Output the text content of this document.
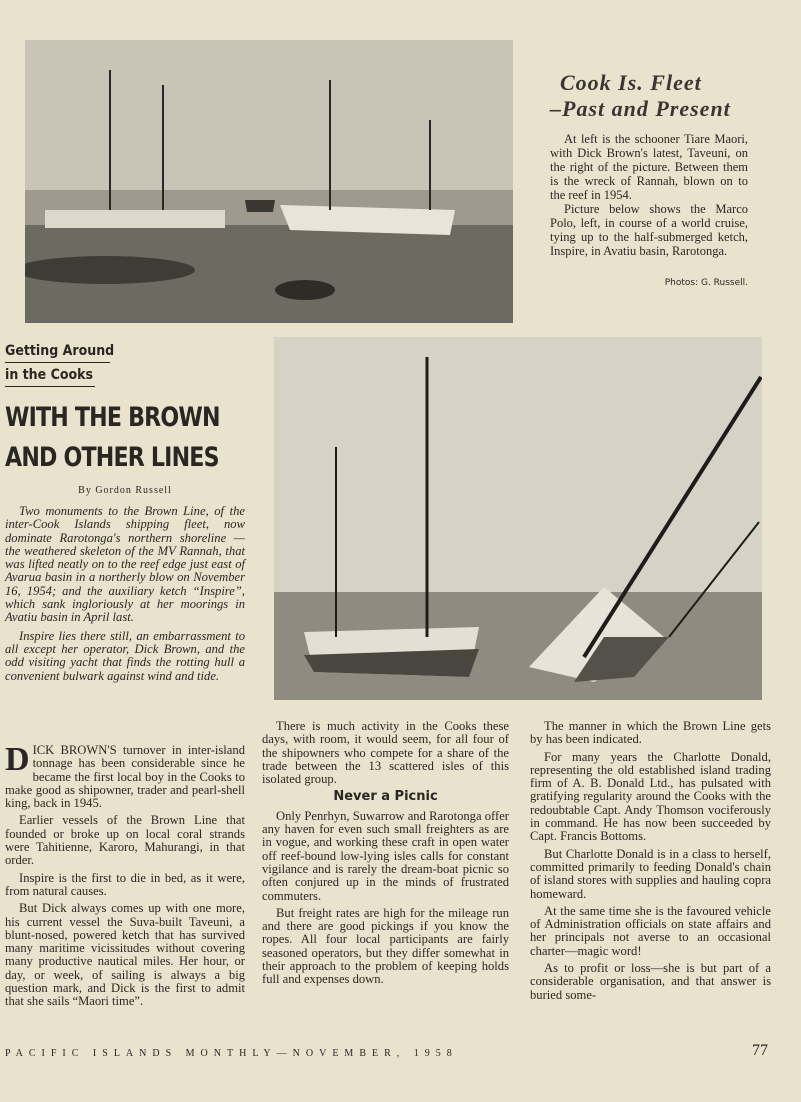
Cook Is. Fleet
–Past and Present

At left is the schooner Tiare Maori, with Dick Brown's latest, Taveuni, on the right of the picture. Between them is the wreck of Rannah, blown on to the reef in 1954.

Picture below shows the Marco Polo, left, in course of a world cruise, tying up to the half-submerged ketch, Inspire, in Avatiu basin, Rarotonga.

Photos: G. Russell.
Getting Around
in the Cooks
WITH THE BROWN
AND OTHER LINES
By Gordon Russell

Two monuments to the Brown Line, of the inter-Cook Islands shipping fleet, now dominate Rarotonga's northern shoreline — the weathered skeleton of the MV Rannah, that was lifted neatly on to the reef edge just east of Avarua basin in a northerly blow on November 16, 1954; and the auxiliary ketch “Inspire”, which sank ingloriously at her moorings in Avatiu basin in April last.

Inspire lies there still, an embarrassment to all except her operator, Dick Brown, and the odd visiting yacht that finds the rotting hull a convenient bulwark against wind and tide.

DICK BROWN'S turnover in inter-island tonnage has been considerable since he became the first local boy in the Cooks to make good as shipowner, trader and pearl-shell king, back in 1945.

Earlier vessels of the Brown Line that founded or broke up on local coral strands were Tahitienne, Karoro, Mahurangi, in that order.

Inspire is the first to die in bed, as it were, from natural causes.

But Dick always comes up with one more, his current vessel the Suva-built Taveuni, a blunt-nosed, powered ketch that has survived many maritime vicissitudes without covering many productive nautical miles. Her hour, or day, or week, of sailing is always a big question mark, and Dick is the first to admit that she sails “Maori time”.

There is much activity in the Cooks these days, with room, it would seem, for all four of the shipowners who compete for a share of the trade between the 13 scattered isles of this isolated group.

Never a Picnic

Only Penrhyn, Suwarrow and Rarotonga offer any haven for even such small freighters as are in vogue, and working these craft in open water off reef-bound low-lying isles calls for constant vigilance and is rarely the dream-boat picnic so often conjured up in the minds of frustrated commuters.

But freight rates are high for the mileage run and there are good pickings if you know the ropes. All four local participants are fairly seasoned operators, but they differ somewhat in their approach to the problem of keeping holds full and expenses down.

The manner in which the Brown Line gets by has been indicated.

For many years the Charlotte Donald, representing the old established island trading firm of A. B. Donald Ltd., has pulsated with gratifying regularity around the Cooks with the redoubtable Capt. Andy Thomson vociferously in command. He has now been succeeded by Capt. Francis Bottoms.

But Charlotte Donald is in a class to herself, committed primarily to feeding Donald's chain of island stores with supplies and hauling copra homeward.

At the same time she is the favoured vehicle of Administration officials on state affairs and her principals not averse to an occasional charter—magic word!

As to profit or loss—she is but part of a considerable organisation, and that answer is buried some-

PACIFIC ISLANDS MONTHLY—NOVEMBER, 1958	77
